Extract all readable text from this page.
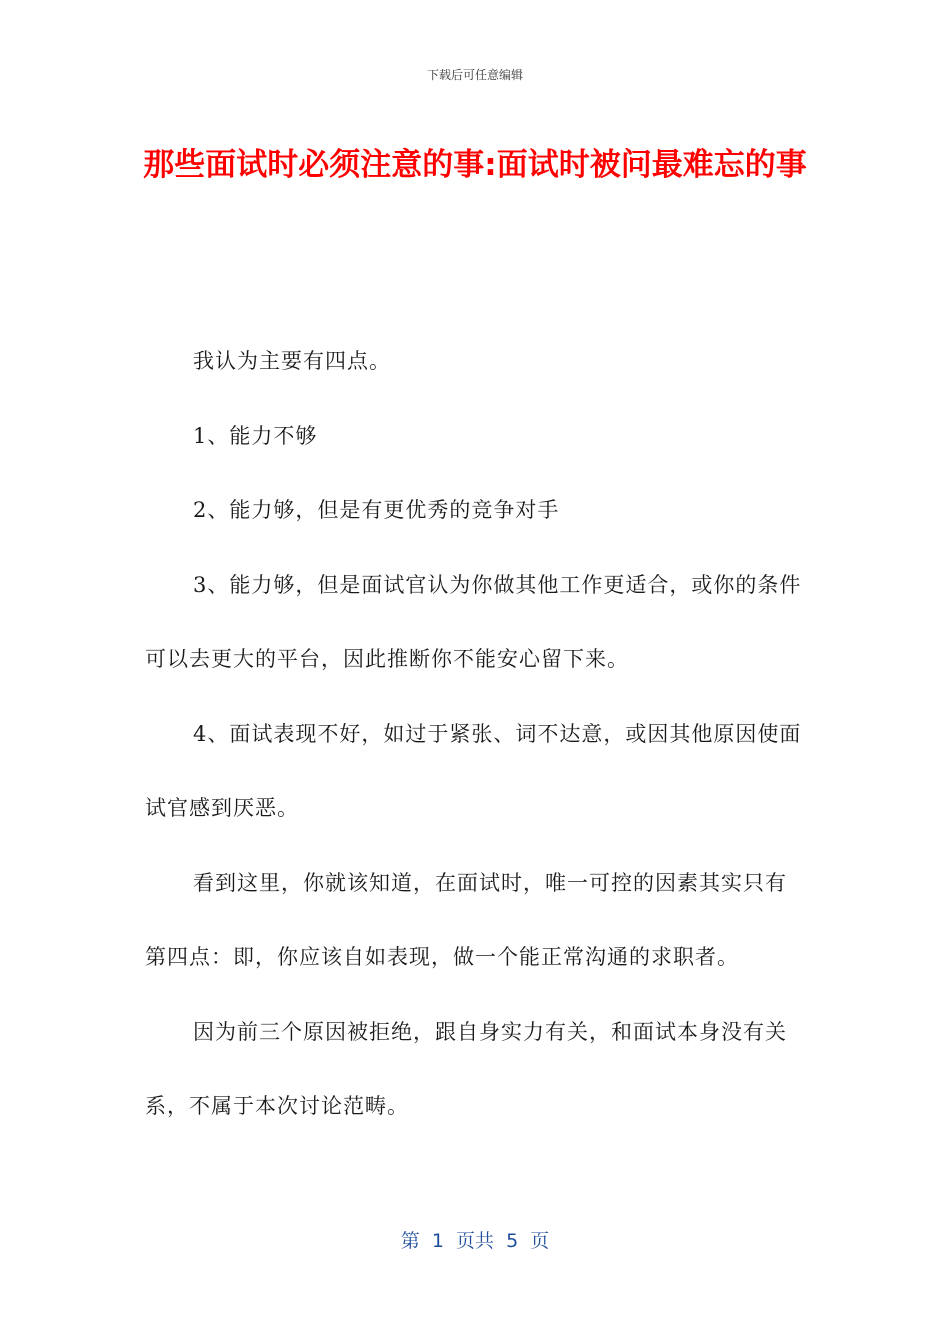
下载后可任意编辑
那些面试时必须注意的事:面试时被问最难忘的事

我认为主要有四点。

1、能力不够

2、能力够，但是有更优秀的竞争对手

3、能力够，但是面试官认为你做其他工作更适合，或你的条件可以去更大的平台，因此推断你不能安心留下来。

4、面试表现不好，如过于紧张、词不达意，或因其他原因使面试官感到厌恶。

看到这里，你就该知道，在面试时，唯一可控的因素其实只有第四点：即，你应该自如表现，做一个能正常沟通的求职者。

因为前三个原因被拒绝，跟自身实力有关，和面试本身没有关系，不属于本次讨论范畴。

第  1  页共  5  页
